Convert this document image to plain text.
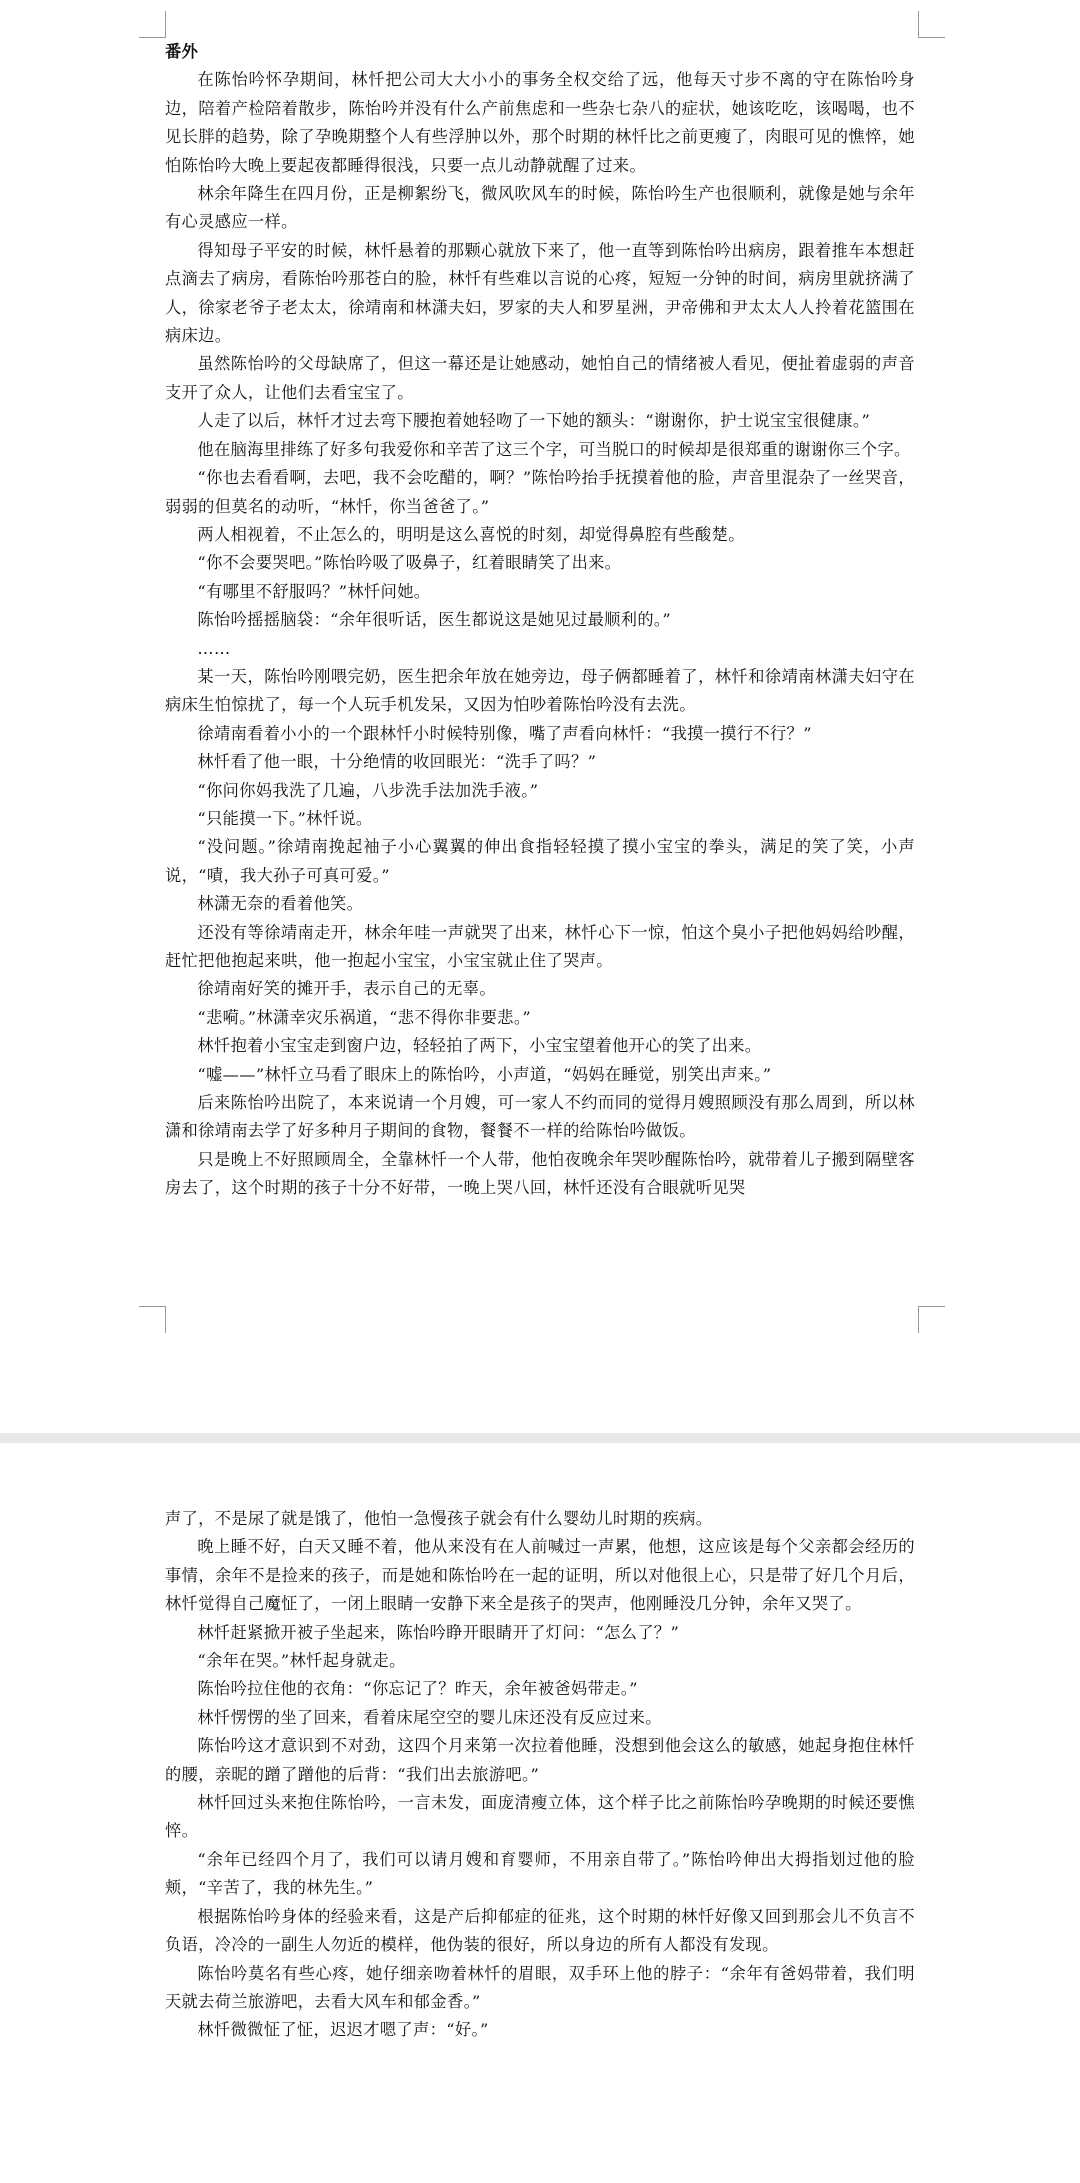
番外

在陈怡吟怀孕期间，林忏把公司大大小小的事务全权交给了远，他每天寸步不离的守在陈怡吟身边，陪着产检陪着散步，陈怡吟并没有什么产前焦虑和一些杂七杂八的症状，她该吃吃，该喝喝，也不见长胖的趋势，除了孕晚期整个人有些浮肿以外，那个时期的林忏比之前更瘦了，肉眼可见的憔悴，她怕陈怡吟大晚上要起夜都睡得很浅，只要一点儿动静就醒了过来。

林余年降生在四月份，正是柳絮纷飞，微风吹风车的时候，陈怡吟生产也很顺利，就像是她与余年有心灵感应一样。

得知母子平安的时候，林忏悬着的那颗心就放下来了，他一直等到陈怡吟出病房，跟着推车本想赶点滴去了病房，看陈怡吟那苍白的脸，林忏有些难以言说的心疼，短短一分钟的时间，病房里就挤满了人，徐家老爷子老太太，徐靖南和林潇夫妇，罗家的夫人和罗星洲，尹帝佛和尹太太人人拎着花篮围在病床边。

虽然陈怡吟的父母缺席了，但这一幕还是让她感动，她怕自己的情绪被人看见，便扯着虚弱的声音支开了众人，让他们去看宝宝了。

人走了以后，林忏才过去弯下腰抱着她轻吻了一下她的额头：“谢谢你，护士说宝宝很健康。”

他在脑海里排练了好多句我爱你和辛苦了这三个字，可当脱口的时候却是很郑重的谢谢你三个字。

“你也去看看啊，去吧，我不会吃醋的，啊？”陈怡吟抬手抚摸着他的脸，声音里混杂了一丝哭音，弱弱的但莫名的动听，“林忏，你当爸爸了。”

两人相视着，不止怎么的，明明是这么喜悦的时刻，却觉得鼻腔有些酸楚。

“你不会要哭吧。”陈怡吟吸了吸鼻子，红着眼睛笑了出来。

“有哪里不舒服吗？”林忏问她。

陈怡吟摇摇脑袋：“余年很听话，医生都说这是她见过最顺利的。”

……

某一天，陈怡吟刚喂完奶，医生把余年放在她旁边，母子俩都睡着了，林忏和徐靖南林潇夫妇守在病床生怕惊扰了，每一个人玩手机发呆，又因为怕吵着陈怡吟没有去洗。

徐靖南看着小小的一个跟林忏小时候特别像，嘴了声看向林忏：“我摸一摸行不行？”

林忏看了他一眼，十分绝情的收回眼光：“洗手了吗？”

“你问你妈我洗了几遍，八步洗手法加洗手液。”

“只能摸一下。”林忏说。

“没问题。”徐靖南挽起袖子小心翼翼的伸出食指轻轻摸了摸小宝宝的拳头，满足的笑了笑，小声说，“嘖，我大孙子可真可爱。”

林潇无奈的看着他笑。

还没有等徐靖南走开，林余年哇一声就哭了出来，林忏心下一惊，怕这个臭小子把他妈妈给吵醒，赶忙把他抱起来哄，他一抱起小宝宝，小宝宝就止住了哭声。

徐靖南好笑的摊开手，表示自己的无辜。

“悲嗬。”林潇幸灾乐祸道，“悲不得你非要悲。”

林忏抱着小宝宝走到窗户边，轻轻拍了两下，小宝宝望着他开心的笑了出来。

“嘘——”林忏立马看了眼床上的陈怡吟，小声道，“妈妈在睡觉，别笑出声来。”

后来陈怡吟出院了，本来说请一个月嫂，可一家人不约而同的觉得月嫂照顾没有那么周到，所以林潇和徐靖南去学了好多种月子期间的食物，餐餐不一样的给陈怡吟做饭。

只是晚上不好照顾周全，全靠林忏一个人带，他怕夜晚余年哭吵醒陈怡吟，就带着儿子搬到隔壁客房去了，这个时期的孩子十分不好带，一晚上哭八回，林忏还没有合眼就听见哭

声了，不是尿了就是饿了，他怕一急慢孩子就会有什么婴幼儿时期的疾病。

晚上睡不好，白天又睡不着，他从来没有在人前喊过一声累，他想，这应该是每个父亲都会经历的事情，余年不是捡来的孩子，而是她和陈怡吟在一起的证明，所以对他很上心，只是带了好几个月后，林忏觉得自己魔怔了，一闭上眼睛一安静下来全是孩子的哭声，他刚睡没几分钟，余年又哭了。

林忏赶紧掀开被子坐起来，陈怡吟睁开眼睛开了灯问：“怎么了？”

“余年在哭。”林忏起身就走。

陈怡吟拉住他的衣角：“你忘记了？昨天，余年被爸妈带走。”

林忏愣愣的坐了回来，看着床尾空空的婴儿床还没有反应过来。

陈怡吟这才意识到不对劲，这四个月来第一次拉着他睡，没想到他会这么的敏感，她起身抱住林忏的腰，亲昵的蹭了蹭他的后背：“我们出去旅游吧。”

林忏回过头来抱住陈怡吟，一言未发，面庞清瘦立体，这个样子比之前陈怡吟孕晚期的时候还要憔悴。

“余年已经四个月了，我们可以请月嫂和育婴师，不用亲自带了。”陈怡吟伸出大拇指划过他的脸颊，“辛苦了，我的林先生。”

根据陈怡吟身体的经验来看，这是产后抑郁症的征兆，这个时期的林忏好像又回到那会儿不负言不负语，冷冷的一副生人勿近的模样，他伪装的很好，所以身边的所有人都没有发现。

陈怡吟莫名有些心疼，她仔细亲吻着林忏的眉眼，双手环上他的脖子：“余年有爸妈带着，我们明天就去荷兰旅游吧，去看大风车和郁金香。”

林忏微微怔了怔，迟迟才嗯了声：“好。”
